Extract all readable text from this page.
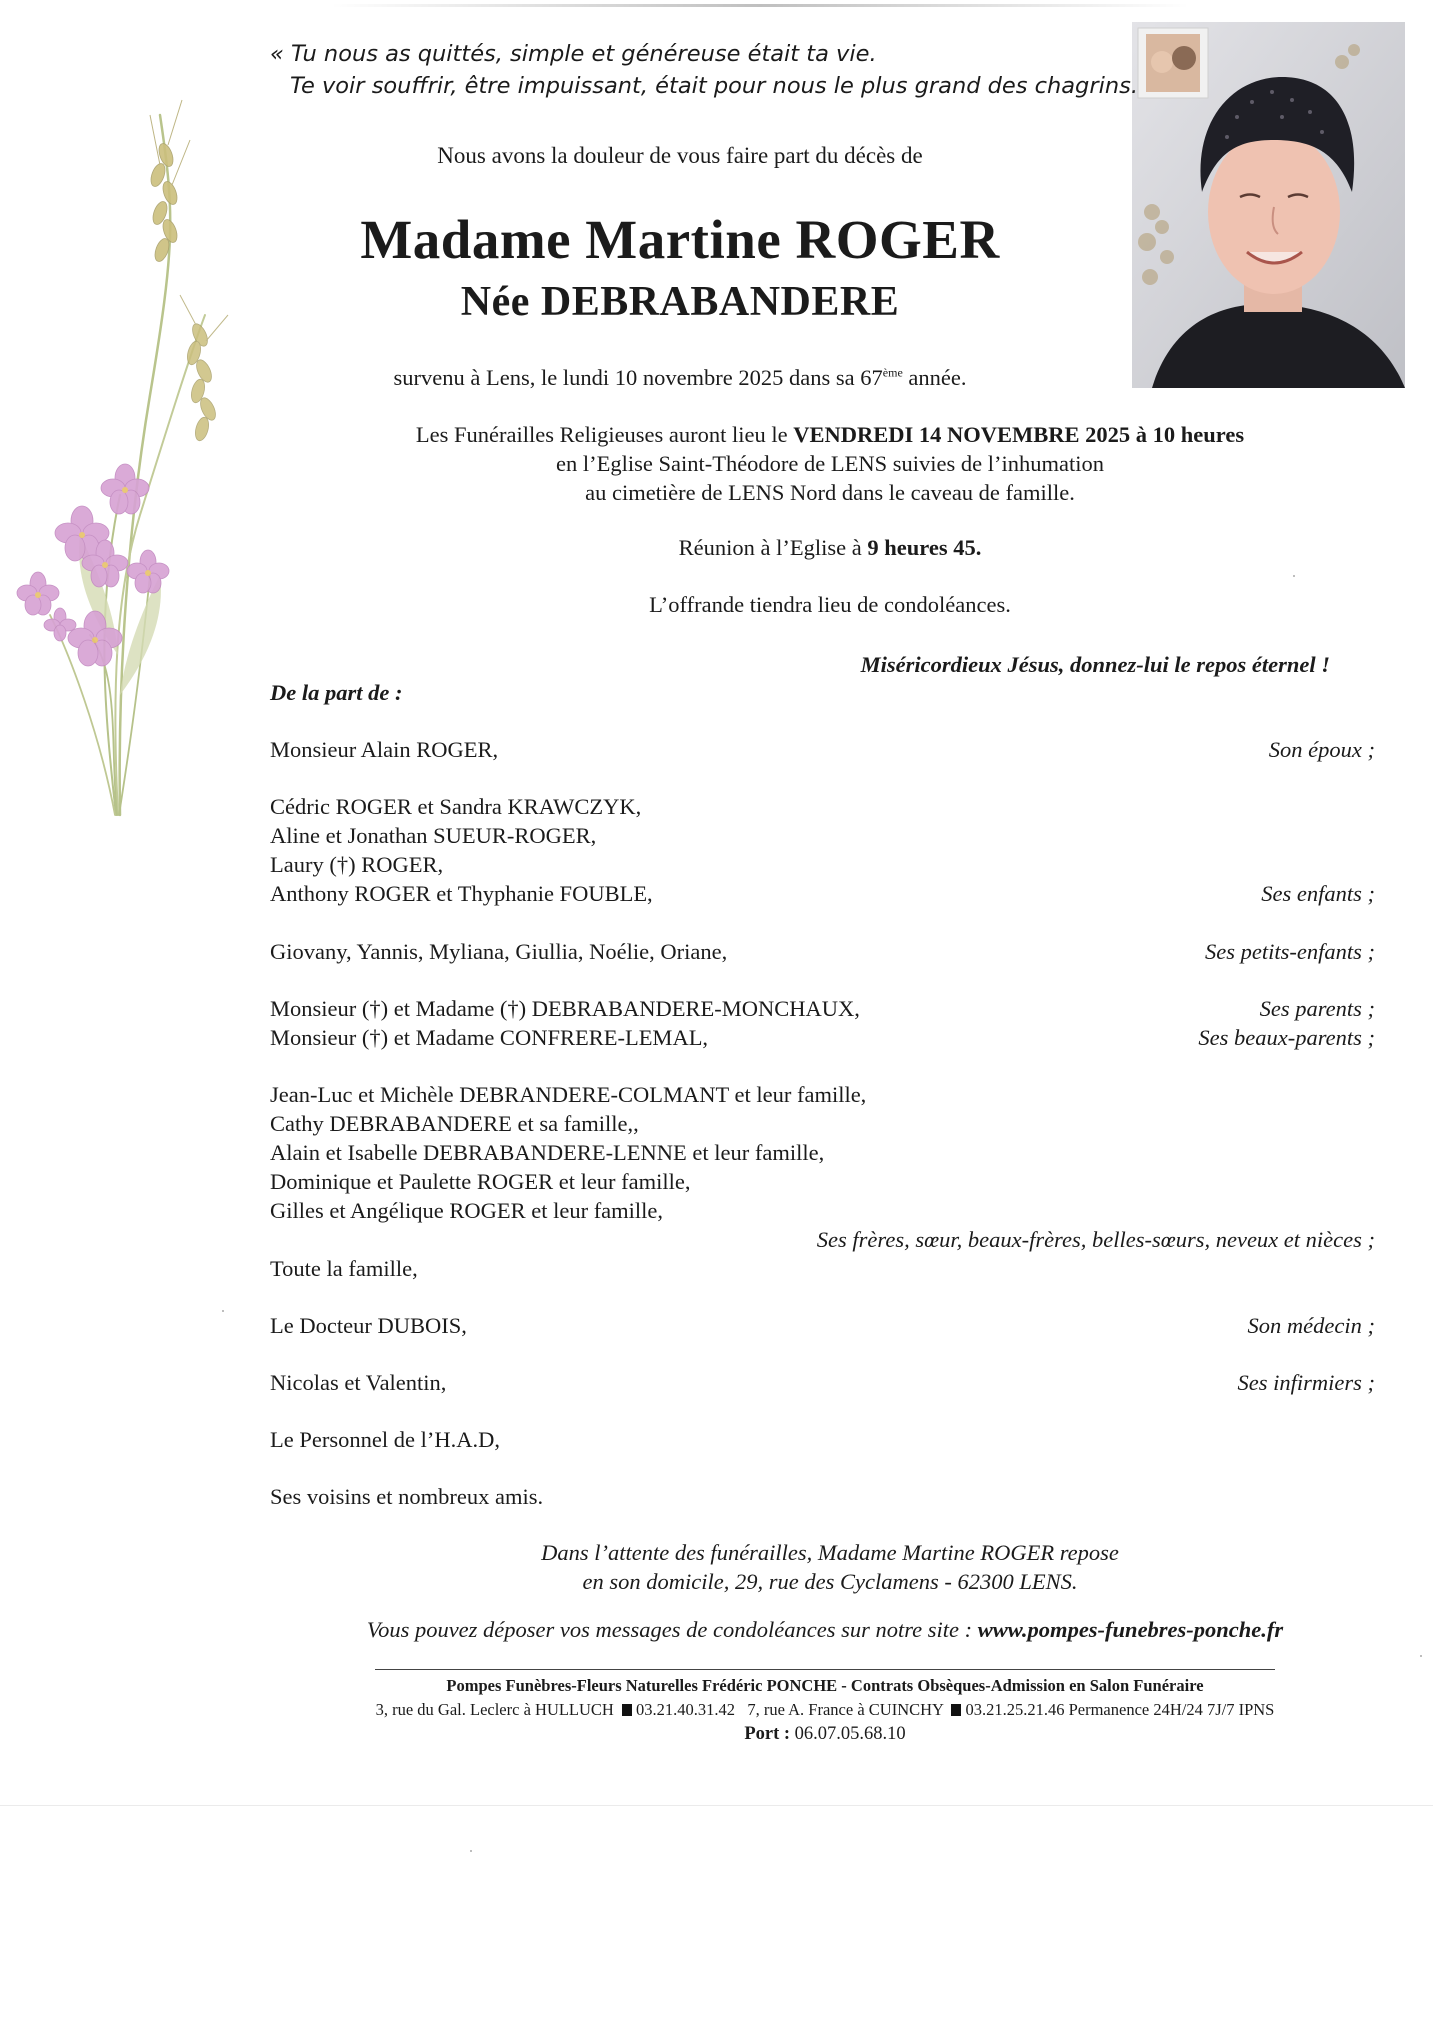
« Tu nous as quittés, simple et généreuse était ta vie.
Te voir souffrir, être impuissant, était pour nous le plus grand des chagrins.
Nous avons la douleur de vous faire part du décès de
Madame Martine ROGER
Née DEBRABANDERE
survenu à Lens, le lundi 10 novembre 2025 dans sa 67ème année.
Les Funérailles Religieuses auront lieu le VENDREDI 14 NOVEMBRE 2025 à 10 heures
en l’Eglise Saint-Théodore de LENS suivies de l’inhumation
au cimetière de LENS Nord dans le caveau de famille.
Réunion à l’Eglise à 9 heures 45.
L’offrande tiendra lieu de condoléances.
Miséricordieux Jésus, donnez-lui le repos éternel !
De la part de :
Monsieur Alain ROGER,	Son époux ;
Cédric ROGER et Sandra KRAWCZYK,
Aline et Jonathan SUEUR-ROGER,
Laury (†) ROGER,
Anthony ROGER et Thyphanie FOUBLE,	Ses enfants ;
Giovany, Yannis, Myliana, Giullia, Noélie, Oriane,	Ses petits-enfants ;
Monsieur (†) et Madame (†) DEBRABANDERE-MONCHAUX,	Ses parents ;
Monsieur (†) et Madame CONFRERE-LEMAL,	Ses beaux-parents ;
Jean-Luc et Michèle DEBRANDERE-COLMANT et leur famille,
Cathy DEBRABANDERE et sa famille,,
Alain et Isabelle DEBRABANDERE-LENNE et leur famille,
Dominique et Paulette ROGER et leur famille,
Gilles et Angélique ROGER et leur famille,
Ses frères, sœur, beaux-frères, belles-sœurs, neveux et nièces ;
Toute la famille,
Le Docteur DUBOIS,	Son médecin ;
Nicolas et Valentin,	Ses infirmiers ;
Le Personnel de l’H.A.D,
Ses voisins et nombreux amis.
Dans l’attente des funérailles, Madame Martine ROGER repose
en son domicile, 29, rue des Cyclamens - 62300 LENS.
Vous pouvez déposer vos messages de condoléances sur notre site : www.pompes-funebres-ponche.fr
Pompes Funèbres-Fleurs Naturelles Frédéric PONCHE - Contrats Obsèques-Admission en Salon Funéraire
3, rue du Gal. Leclerc à HULLUCH 03.21.40.31.42 7, rue A. France à CUINCHY 03.21.25.21.46 Permanence 24H/24 7J/7 IPNS
Port : 06.07.05.68.10
